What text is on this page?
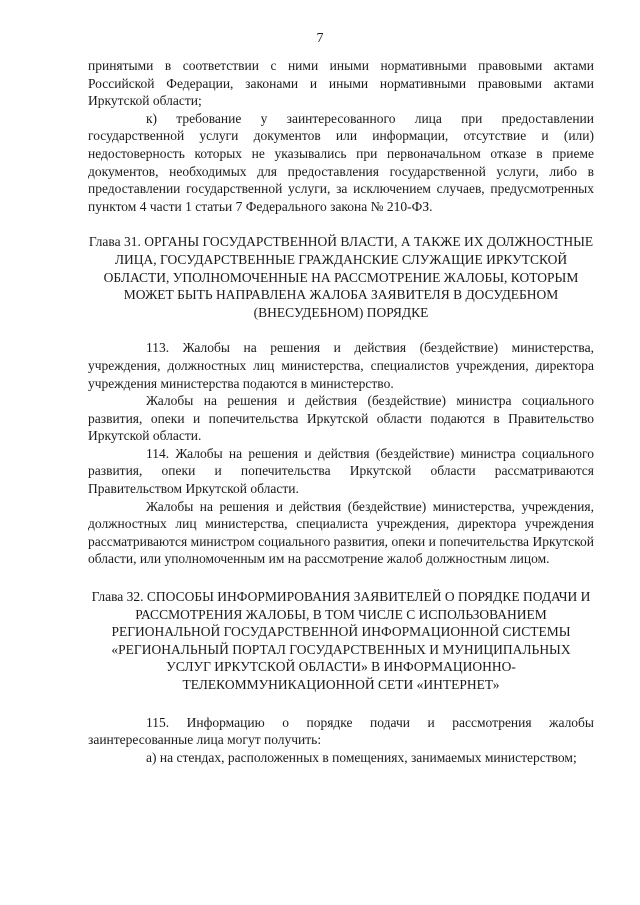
7

принятыми в соответствии с ними иными нормативными правовыми актами Российской Федерации, законами и иными нормативными правовыми актами Иркутской области;

к) требование у заинтересованного лица при предоставлении государственной услуги документов или информации, отсутствие и (или) недостоверность которых не указывались при первоначальном отказе в приеме документов, необходимых для предоставления государственной услуги, либо в предоставлении государственной услуги, за исключением случаев, предусмотренных пунктом 4 части 1 статьи 7 Федерального закона № 210-ФЗ.

Глава 31. ОРГАНЫ ГОСУДАРСТВЕННОЙ ВЛАСТИ, А ТАКЖЕ ИХ ДОЛЖНОСТНЫЕ ЛИЦА, ГОСУДАРСТВЕННЫЕ ГРАЖДАНСКИЕ СЛУЖАЩИЕ ИРКУТСКОЙ ОБЛАСТИ, УПОЛНОМОЧЕННЫЕ НА РАССМОТРЕНИЕ ЖАЛОБЫ, КОТОРЫМ МОЖЕТ БЫТЬ НАПРАВЛЕНА ЖАЛОБА ЗАЯВИТЕЛЯ В ДОСУДЕБНОМ (ВНЕСУДЕБНОМ) ПОРЯДКЕ

113. Жалобы на решения и действия (бездействие) министерства, учреждения, должностных лиц министерства, специалистов учреждения, директора учреждения министерства подаются в министерство.

Жалобы на решения и действия (бездействие) министра социального развития, опеки и попечительства Иркутской области подаются в Правительство Иркутской области.

114. Жалобы на решения и действия (бездействие) министра социального развития, опеки и попечительства Иркутской области рассматриваются Правительством Иркутской области.

Жалобы на решения и действия (бездействие) министерства, учреждения, должностных лиц министерства, специалиста учреждения, директора учреждения рассматриваются министром социального развития, опеки и попечительства Иркутской области, или уполномоченным им на рассмотрение жалоб должностным лицом.

Глава 32. СПОСОБЫ ИНФОРМИРОВАНИЯ ЗАЯВИТЕЛЕЙ О ПОРЯДКЕ ПОДАЧИ И РАССМОТРЕНИЯ ЖАЛОБЫ, В ТОМ ЧИСЛЕ С ИСПОЛЬЗОВАНИЕМ РЕГИОНАЛЬНОЙ ГОСУДАРСТВЕННОЙ ИНФОРМАЦИОННОЙ СИСТЕМЫ «РЕГИОНАЛЬНЫЙ ПОРТАЛ ГОСУДАРСТВЕННЫХ И МУНИЦИПАЛЬНЫХ УСЛУГ ИРКУТСКОЙ ОБЛАСТИ» В ИНФОРМАЦИОННО-ТЕЛЕКОММУНИКАЦИОННОЙ СЕТИ «ИНТЕРНЕТ»

115. Информацию о порядке подачи и рассмотрения жалобы заинтересованные лица могут получить:

а) на стендах, расположенных в помещениях, занимаемых министерством;
